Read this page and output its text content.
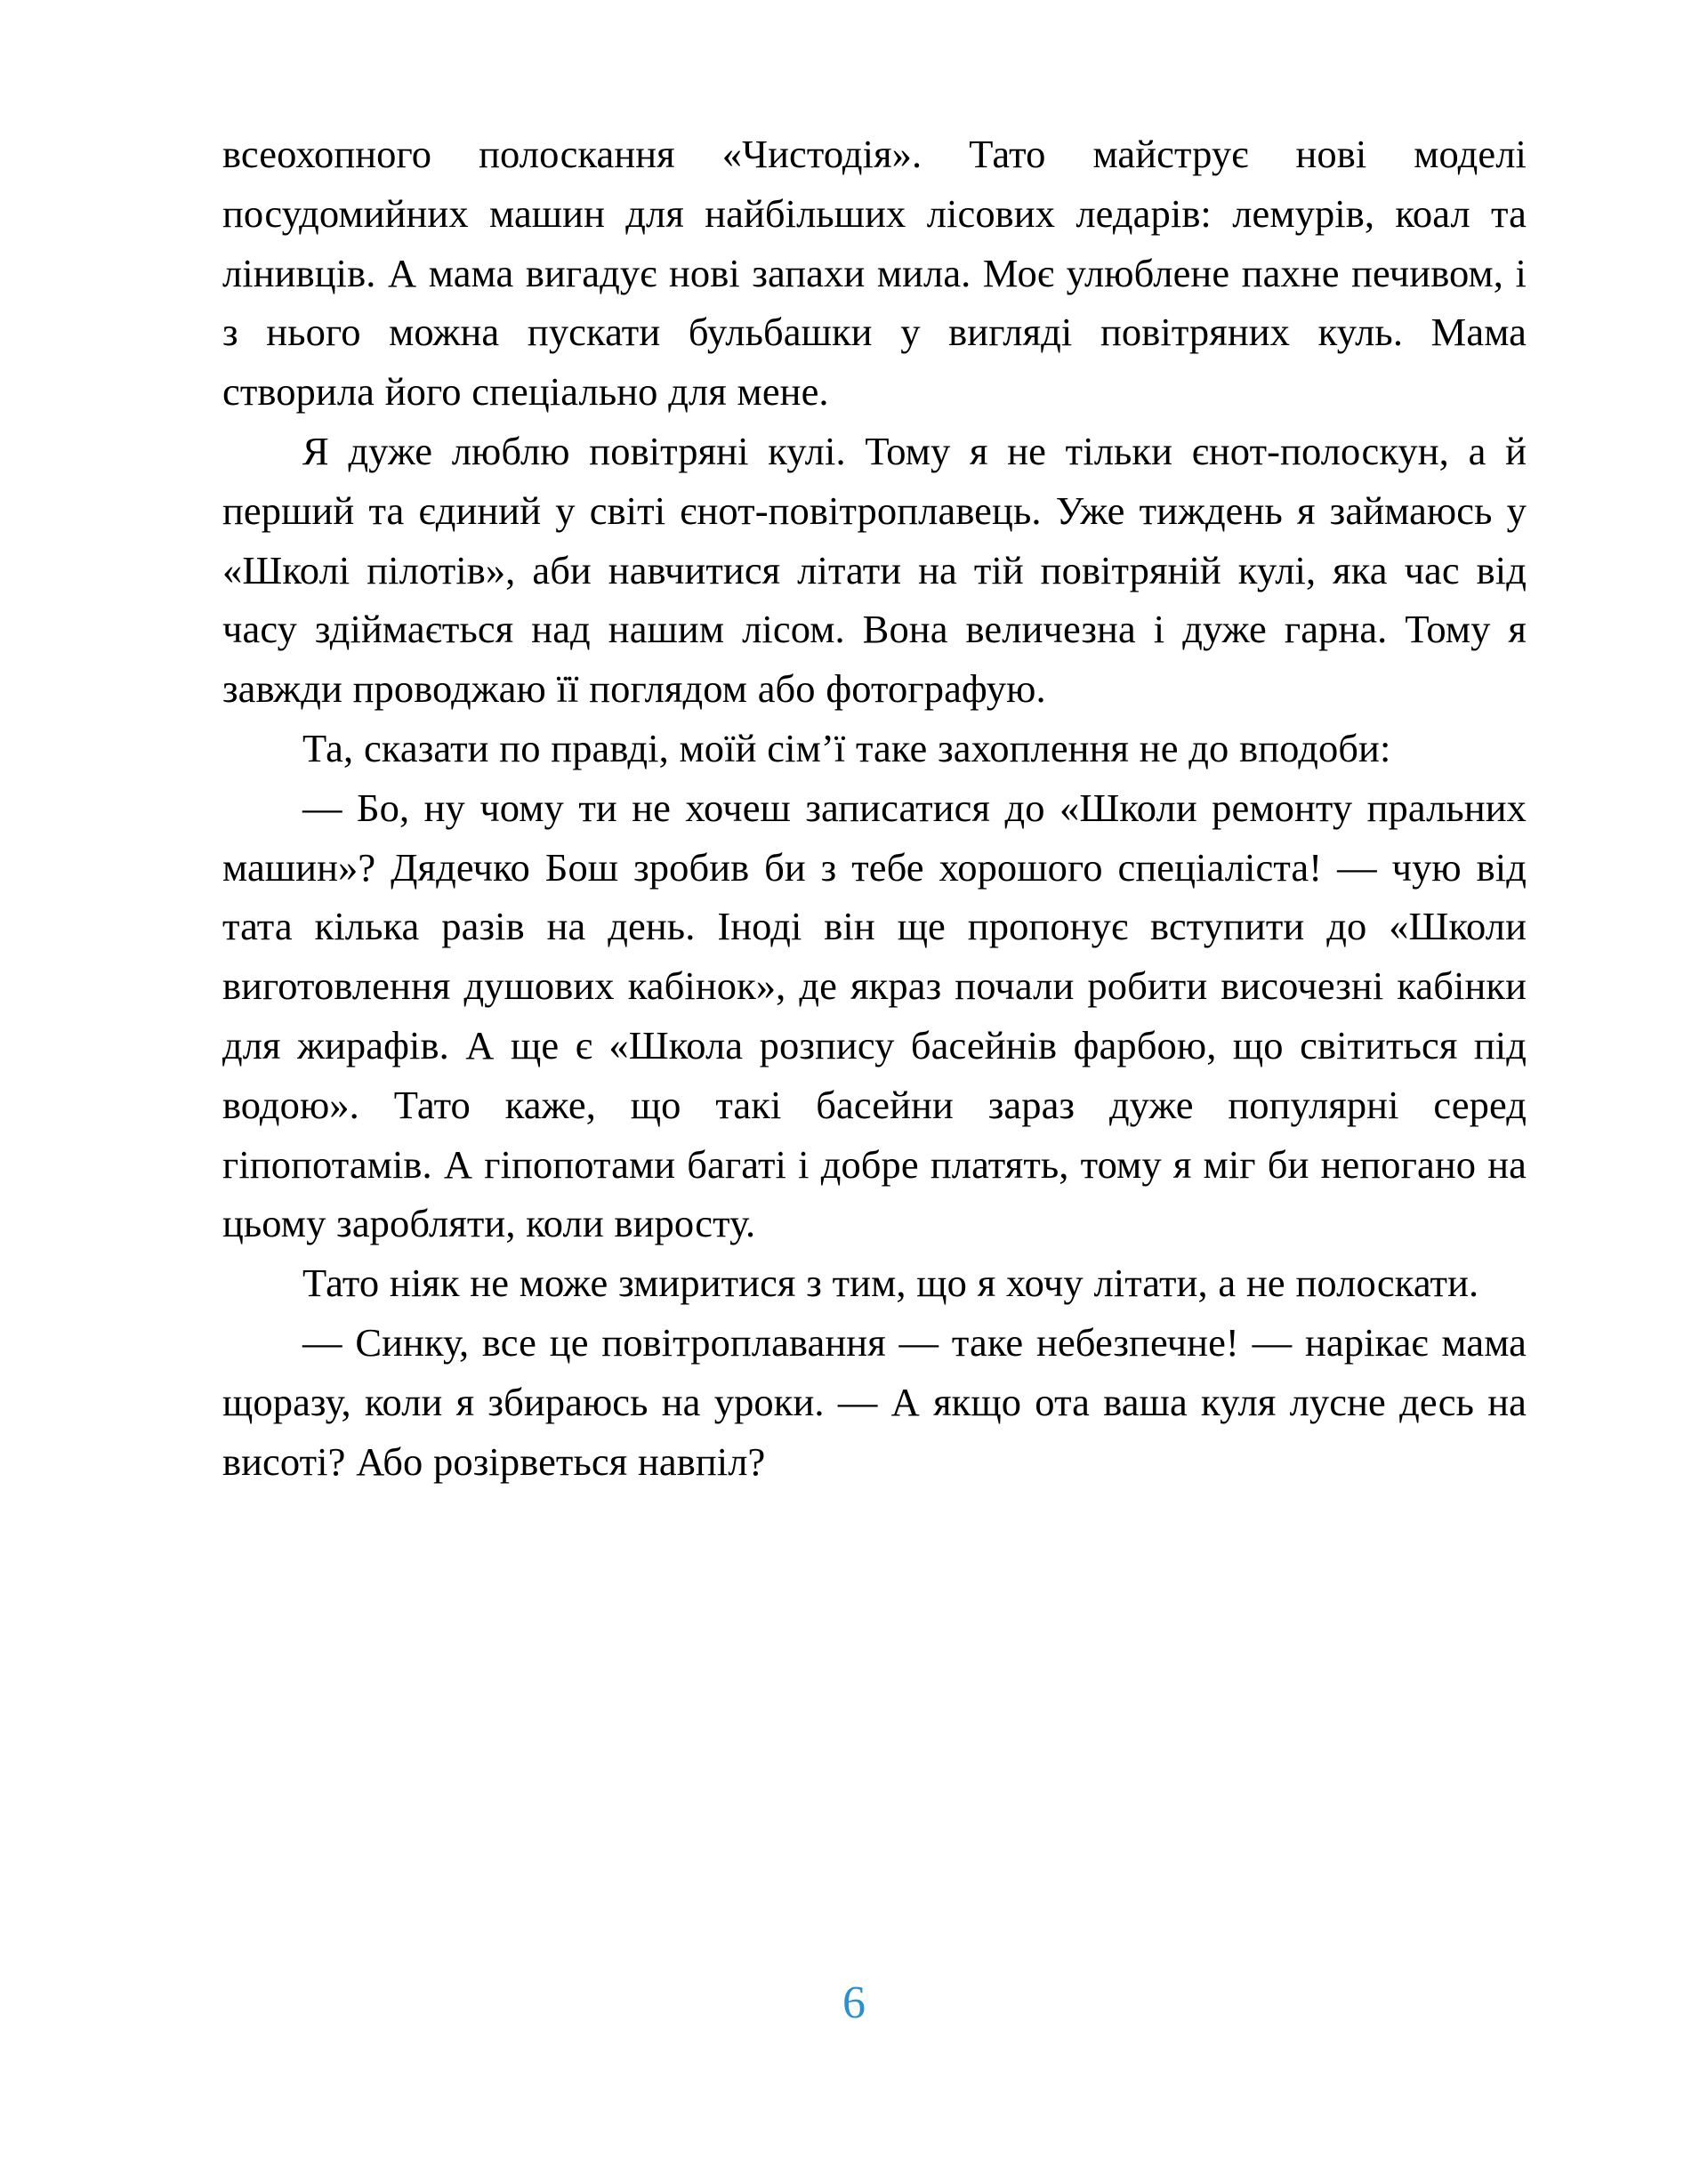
всеохопного полоскання «Чистодія». Тато майструє нові моделі посудомийних машин для найбільших лісових ледарів: лемурів, коал та лінивців. А мама вигадує нові запахи мила. Моє улюблене пахне печивом, і з нього можна пускати бульбашки у вигляді повітряних куль. Мама створила його спеціально для мене.

Я дуже люблю повітряні кулі. Тому я не тільки єнот-полоскун, а й перший та єдиний у світі єнот-повітроплавець. Уже тиждень я займаюсь у «Школі пілотів», аби навчитися літати на тій повітряній кулі, яка час від часу здіймається над нашим лісом. Вона величезна і дуже гарна. Тому я завжди проводжаю її поглядом або фотографую.

Та, сказати по правді, моїй сім’ї таке захоплення не до вподоби:

— Бо, ну чому ти не хочеш записатися до «Школи ремонту пральних машин»? Дядечко Бош зробив би з тебе хорошого спеціаліста! — чую від тата кілька разів на день. Іноді він ще пропонує вступити до «Школи виготовлення душових кабінок», де якраз почали робити височезні кабінки для жирафів. А ще є «Школа розпису басейнів фарбою, що світиться під водою». Тато каже, що такі басейни зараз дуже популярні серед гіпопотамів. А гіпопотами багаті і добре платять, тому я міг би непогано на цьому заробляти, коли виросту.

Тато ніяк не може змиритися з тим, що я хочу літати, а не полоскати.

— Синку, все це повітроплавання — таке небезпечне! — нарікає мама щоразу, коли я збираюсь на уроки. — А якщо ота ваша куля лусне десь на висоті? Або розірветься навпіл?

6
